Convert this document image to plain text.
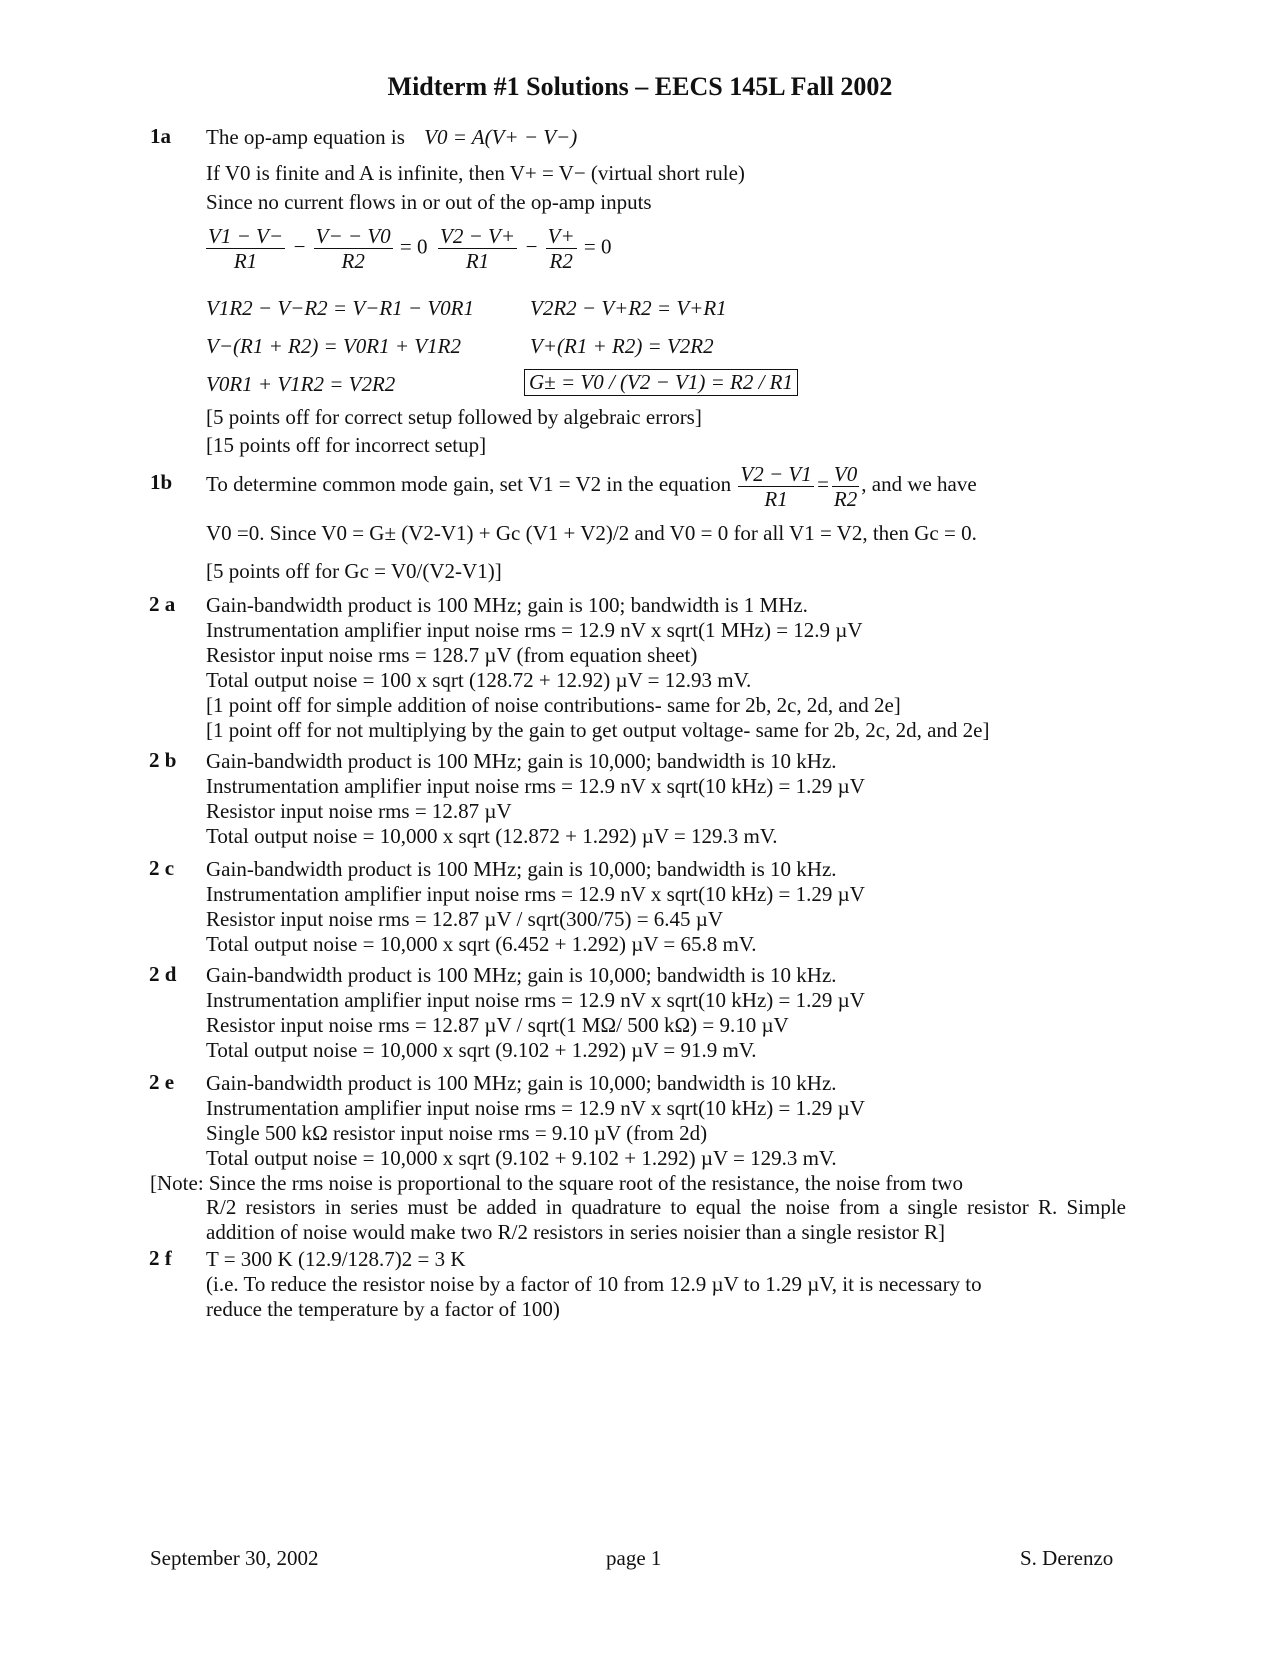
Midterm #1 Solutions – EECS 145L Fall 2002
1a The op-amp equation is V0 = A(V+ − V−)
If V0 is finite and A is infinite, then V+ = V− (virtual short rule)
Since no current flows in or out of the op-amp inputs
$\frac{V1 - V-}{R1} - \frac{V- - V0}{R2} = 0 \frac{V2 - V+}{R1} - \frac{V+}{R2} = 0$
V1R2 − V−R2 = V−R1 − V0R1	V2R2 − V+R2 = V+R1
V−(R1 + R2) = V0R1 + V1R2	V+(R1 + R2) = V2R2
V0R1 + V1R2 = V2R2	G± = V0 / (V2 − V1) = R2 / R1
[5 points off for correct setup followed by algebraic errors]
[15 points off for incorrect setup]
1b To determine common mode gain, set V1 = V2 in the equation $\frac{V2 - V1}{R1} = \frac{V0}{R2}$ , and we have
V0 =0. Since V0 = G± (V2-V1) + Gc (V1 + V2)/2 and V0 = 0 for all V1 = V2, then Gc = 0.
[5 points off for Gc = V0/(V2-V1)]
2 a Gain-bandwidth product is 100 MHz; gain is 100; bandwidth is 1 MHz.
Instrumentation amplifier input noise rms = 12.9 nV x sqrt(1 MHz) = 12.9 µV
Resistor input noise rms = 128.7 µV (from equation sheet)
Total output noise = 100 x sqrt (128.72 + 12.92) µV = 12.93 mV.
[1 point off for simple addition of noise contributions- same for 2b, 2c, 2d, and 2e]
[1 point off for not multiplying by the gain to get output voltage- same for 2b, 2c, 2d, and 2e]
2 b Gain-bandwidth product is 100 MHz; gain is 10,000; bandwidth is 10 kHz.
Instrumentation amplifier input noise rms = 12.9 nV x sqrt(10 kHz) = 1.29 µV
Resistor input noise rms = 12.87 µV
Total output noise = 10,000 x sqrt (12.872 + 1.292) µV = 129.3 mV.
2 c Gain-bandwidth product is 100 MHz; gain is 10,000; bandwidth is 10 kHz.
Instrumentation amplifier input noise rms = 12.9 nV x sqrt(10 kHz) = 1.29 µV
Resistor input noise rms = 12.87 µV / sqrt(300/75) = 6.45 µV
Total output noise = 10,000 x sqrt (6.452 + 1.292) µV = 65.8 mV.
2 d Gain-bandwidth product is 100 MHz; gain is 10,000; bandwidth is 10 kHz.
Instrumentation amplifier input noise rms = 12.9 nV x sqrt(10 kHz) = 1.29 µV
Resistor input noise rms = 12.87 µV / sqrt(1 MΩ/ 500 kΩ) = 9.10 µV
Total output noise = 10,000 x sqrt (9.102 + 1.292) µV = 91.9 mV.
2 e Gain-bandwidth product is 100 MHz; gain is 10,000; bandwidth is 10 kHz.
Instrumentation amplifier input noise rms = 12.9 nV x sqrt(10 kHz) = 1.29 µV
Single 500 kΩ resistor input noise rms = 9.10 µV (from 2d)
Total output noise = 10,000 x sqrt (9.102 + 9.102 + 1.292) µV = 129.3 mV.
[Note: Since the rms noise is proportional to the square root of the resistance, the noise from two
R/2 resistors in series must be added in quadrature to equal the noise from a single resistor R. Simple addition of noise would make two R/2 resistors in series noisier than a single resistor R]
2 f T = 300 K (12.9/128.7)2 = 3 K
(i.e. To reduce the resistor noise by a factor of 10 from 12.9 µV to 1.29 µV, it is necessary to
reduce the temperature by a factor of 100)
September 30, 2002	page 1	S. Derenzo
